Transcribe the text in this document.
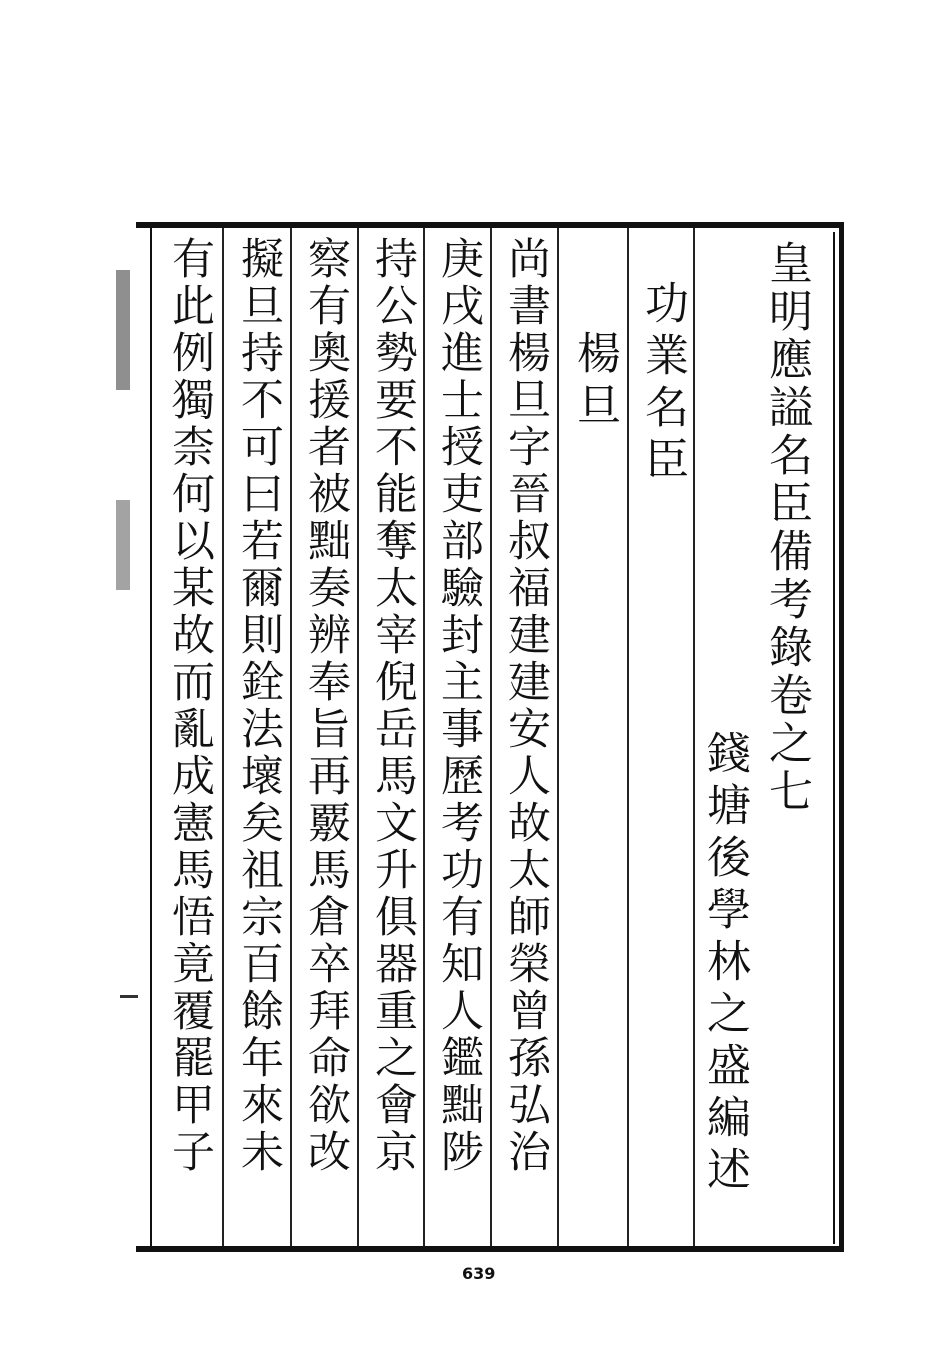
皇明應謚名臣備考錄卷之七
錢塘後學林之盛編述
功業名臣
楊旦
尚書楊旦字晉叔福建建安人故太師榮曾孫弘治
庚戌進士授吏部驗封主事歷考功有知人鑑黜陟
持公勢要不能奪太宰倪岳馬文升俱器重之會京
察有奧援者被黜奏辨奉旨再覈馬倉卒拜命欲改
擬旦持不可曰若爾則銓法壞矣祖宗百餘年來未
有此例獨柰何以某故而亂成憲馬悟竟覆罷甲子
639
